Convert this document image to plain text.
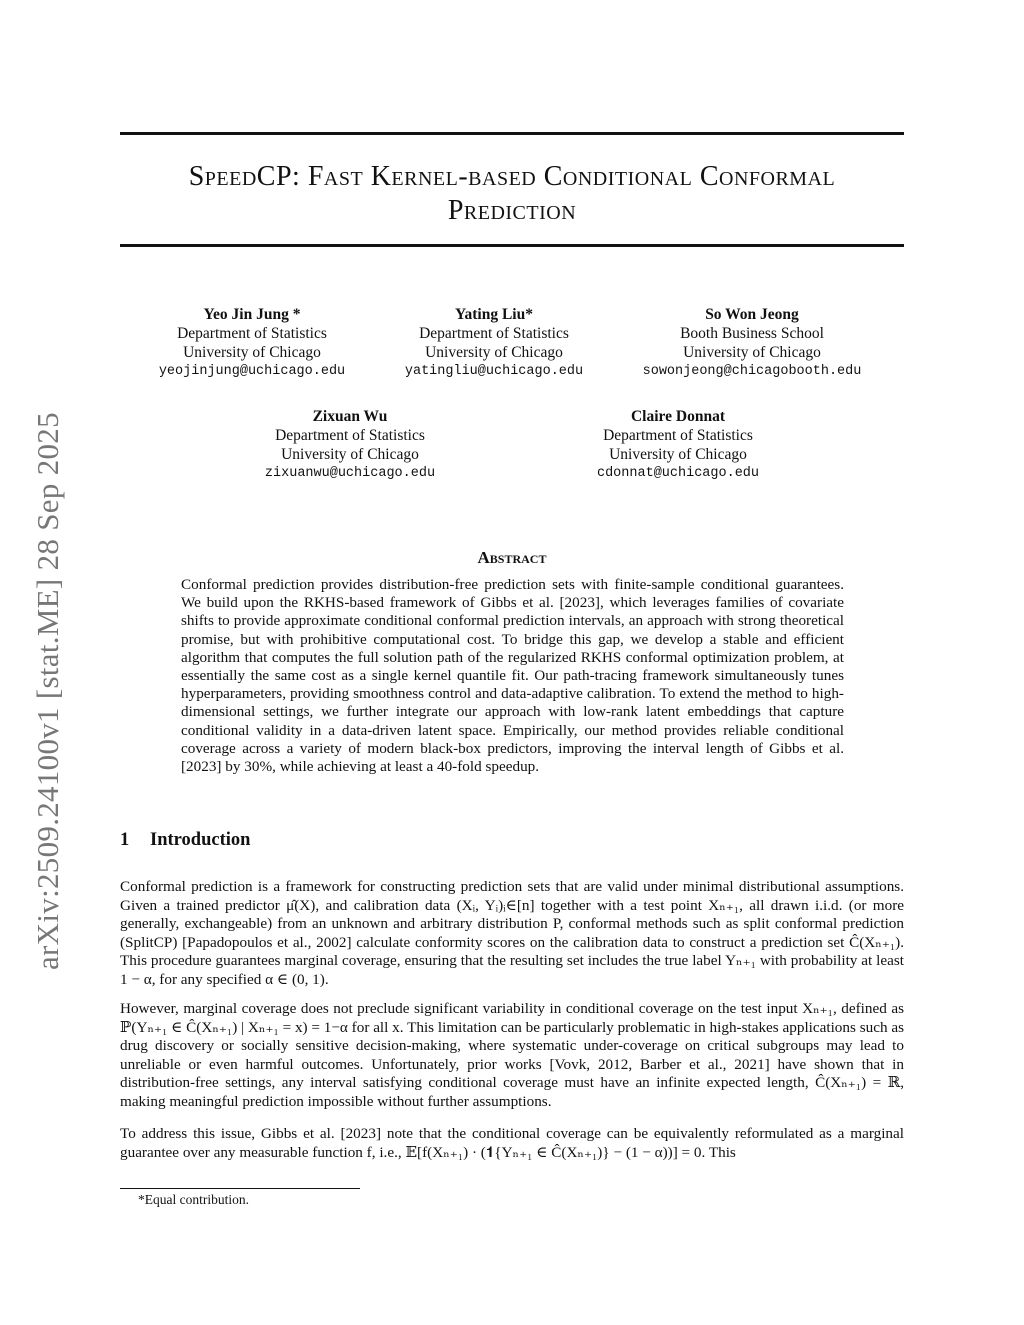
arXiv:2509.24100v1 [stat.ME] 28 Sep 2025
SpeedCP: Fast Kernel-based Conditional Conformal
Prediction
Yeo Jin Jung *
Department of Statistics
University of Chicago
yeojinjung@uchicago.edu
Yating Liu*
Department of Statistics
University of Chicago
yatingliu@uchicago.edu
So Won Jeong
Booth Business School
University of Chicago
sowonjeong@chicagobooth.edu
Zixuan Wu
Department of Statistics
University of Chicago
zixuanwu@uchicago.edu
Claire Donnat
Department of Statistics
University of Chicago
cdonnat@uchicago.edu
Abstract
Conformal prediction provides distribution-free prediction sets with finite-sample conditional guarantees. We build upon the RKHS-based framework of Gibbs et al. [2023], which leverages families of covariate shifts to provide approximate conditional conformal prediction intervals, an approach with strong theoretical promise, but with prohibitive computational cost. To bridge this gap, we develop a stable and efficient algorithm that computes the full solution path of the regularized RKHS conformal optimization problem, at essentially the same cost as a single kernel quantile fit. Our path-tracing framework simultaneously tunes hyperparameters, providing smoothness control and data-adaptive calibration. To extend the method to high-dimensional settings, we further integrate our approach with low-rank latent embeddings that capture conditional validity in a data-driven latent space. Empirically, our method provides reliable conditional coverage across a variety of modern black-box predictors, improving the interval length of Gibbs et al. [2023] by 30%, while achieving at least a 40-fold speedup.
1 Introduction
Conformal prediction is a framework for constructing prediction sets that are valid under minimal distributional assumptions. Given a trained predictor μ̂(X), and calibration data (Xᵢ, Yᵢ)ᵢ∈[n] together with a test point Xₙ₊₁, all drawn i.i.d. (or more generally, exchangeable) from an unknown and arbitrary distribution P, conformal methods such as split conformal prediction (SplitCP) [Papadopoulos et al., 2002] calculate conformity scores on the calibration data to construct a prediction set Ĉ(Xₙ₊₁). This procedure guarantees marginal coverage, ensuring that the resulting set includes the true label Yₙ₊₁ with probability at least 1 − α, for any specified α ∈ (0, 1).
However, marginal coverage does not preclude significant variability in conditional coverage on the test input Xₙ₊₁, defined as ℙ(Yₙ₊₁ ∈ Ĉ(Xₙ₊₁) | Xₙ₊₁ = x) = 1−α for all x. This limitation can be particularly problematic in high-stakes applications such as drug discovery or socially sensitive decision-making, where systematic under-coverage on critical subgroups may lead to unreliable or even harmful outcomes. Unfortunately, prior works [Vovk, 2012, Barber et al., 2021] have shown that in distribution-free settings, any interval satisfying conditional coverage must have an infinite expected length, Ĉ(Xₙ₊₁) = ℝ, making meaningful prediction impossible without further assumptions.
To address this issue, Gibbs et al. [2023] note that the conditional coverage can be equivalently reformulated as a marginal guarantee over any measurable function f, i.e., 𝔼[f(Xₙ₊₁) · (𝟏{Yₙ₊₁ ∈ Ĉ(Xₙ₊₁)} − (1 − α))] = 0. This
*Equal contribution.
